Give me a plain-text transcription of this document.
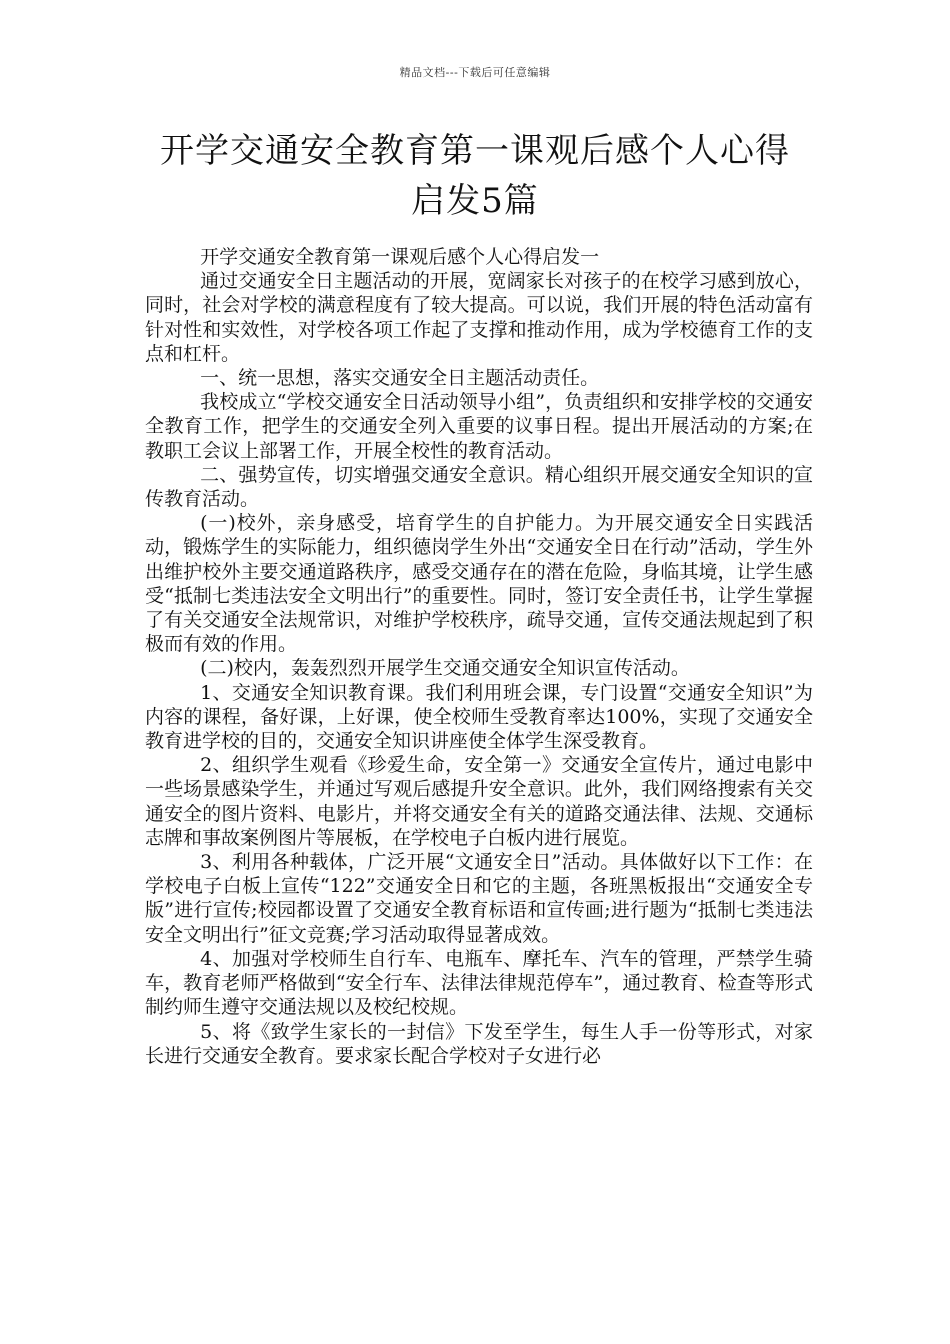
精品文档---下载后可任意编辑
开学交通安全教育第一课观后感个人心得
启发5篇

开学交通安全教育第一课观后感个人心得启发一

通过交通安全日主题活动的开展，宽阔家长对孩子的在校学习感到放心，同时，社会对学校的满意程度有了较大提高。可以说，我们开展的特色活动富有针对性和实效性，对学校各项工作起了支撑和推动作用，成为学校德育工作的支点和杠杆。

一、统一思想，落实交通安全日主题活动责任。

我校成立“学校交通安全日活动领导小组”，负责组织和安排学校的交通安全教育工作，把学生的交通安全列入重要的议事日程。提出开展活动的方案;在教职工会议上部署工作，开展全校性的教育活动。

二、强势宣传，切实增强交通安全意识。精心组织开展交通安全知识的宣传教育活动。

(一)校外，亲身感受，培育学生的自护能力。为开展交通安全日实践活动，锻炼学生的实际能力，组织德岗学生外出“交通安全日在行动”活动，学生外出维护校外主要交通道路秩序，感受交通存在的潜在危险，身临其境，让学生感受“抵制七类违法安全文明出行”的重要性。同时，签订安全责任书，让学生掌握了有关交通安全法规常识，对维护学校秩序，疏导交通，宣传交通法规起到了积极而有效的作用。

(二)校内，轰轰烈烈开展学生交通交通安全知识宣传活动。

1、交通安全知识教育课。我们利用班会课，专门设置“交通安全知识”为内容的课程，备好课，上好课，使全校师生受教育率达100%，实现了交通安全教育进学校的目的，交通安全知识讲座使全体学生深受教育。

2、组织学生观看《珍爱生命，安全第一》交通安全宣传片，通过电影中一些场景感染学生，并通过写观后感提升安全意识。此外，我们网络搜索有关交通安全的图片资料、电影片，并将交通安全有关的道路交通法律、法规、交通标志牌和事故案例图片等展板，在学校电子白板内进行展览。

3、利用各种载体，广泛开展“文通安全日”活动。具体做好以下工作：在学校电子白板上宣传“122”交通安全日和它的主题，各班黑板报出“交通安全专版”进行宣传;校园都设置了交通安全教育标语和宣传画;进行题为“抵制七类违法安全文明出行”征文竞赛;学习活动取得显著成效。

4、加强对学校师生自行车、电瓶车、摩托车、汽车的管理，严禁学生骑车，教育老师严格做到“安全行车、法律法律规范停车”，通过教育、检查等形式制约师生遵守交通法规以及校纪校规。

5、将《致学生家长的一封信》下发至学生，每生人手一份等形式，对家长进行交通安全教育。要求家长配合学校对子女进行必
